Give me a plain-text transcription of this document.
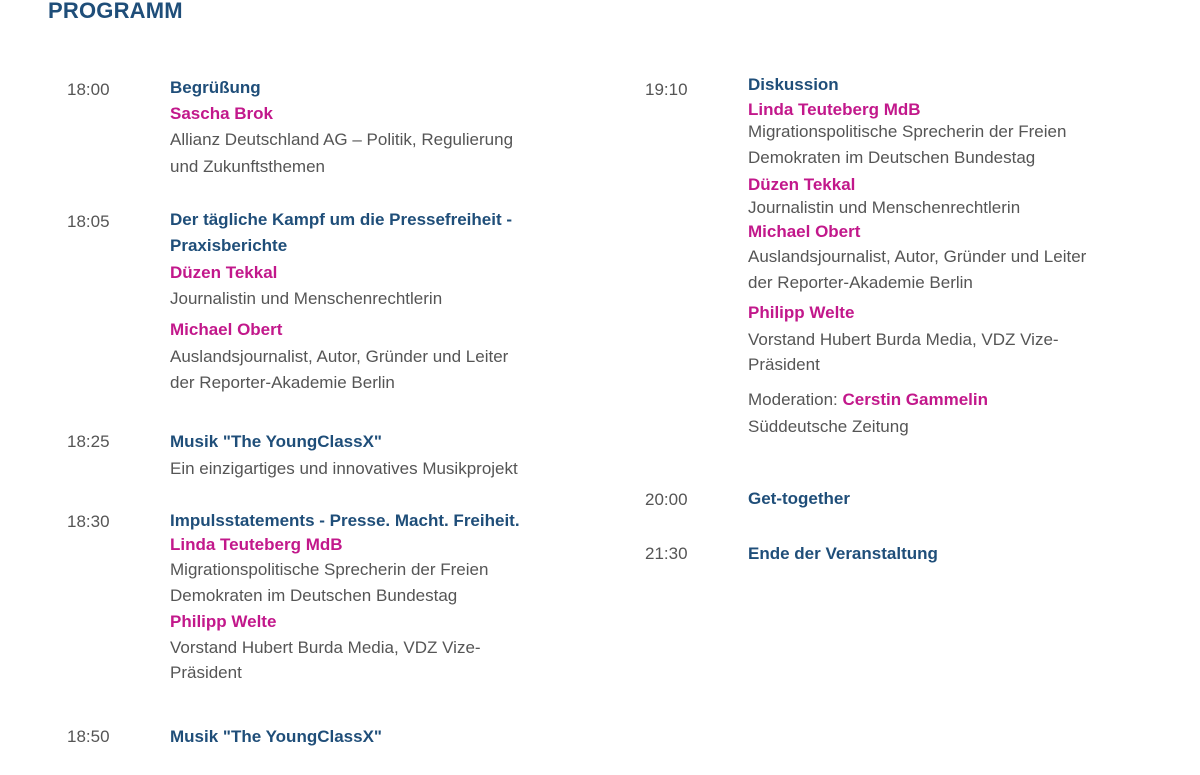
PROGRAMM
18:00	Begrüßung
Sascha Brok
Allianz Deutschland AG – Politik, Regulierung
und Zukunftsthemen
18:05	Der tägliche Kampf um die Pressefreiheit -
Praxisberichte
Düzen Tekkal
Journalistin und Menschenrechtlerin
Michael Obert
Auslandsjournalist, Autor, Gründer und Leiter
der Reporter-Akademie Berlin
18:25	Musik "The YoungClassX"
Ein einzigartiges und innovatives Musikprojekt
18:30	Impulsstatements - Presse. Macht. Freiheit.
Linda Teuteberg MdB
Migrationspolitische Sprecherin der Freien
Demokraten im Deutschen Bundestag
Philipp Welte
Vorstand Hubert Burda Media, VDZ Vize-
Präsident
18:50	Musik "The YoungClassX"
19:10	Diskussion
Linda Teuteberg MdB
Migrationspolitische Sprecherin der Freien
Demokraten im Deutschen Bundestag
Düzen Tekkal
Journalistin und Menschenrechtlerin
Michael Obert
Auslandsjournalist, Autor, Gründer und Leiter
der Reporter-Akademie Berlin
Philipp Welte
Vorstand Hubert Burda Media, VDZ Vize-
Präsident
Moderation: Cerstin Gammelin
Süddeutsche Zeitung
20:00	Get-together
21:30	Ende der Veranstaltung
